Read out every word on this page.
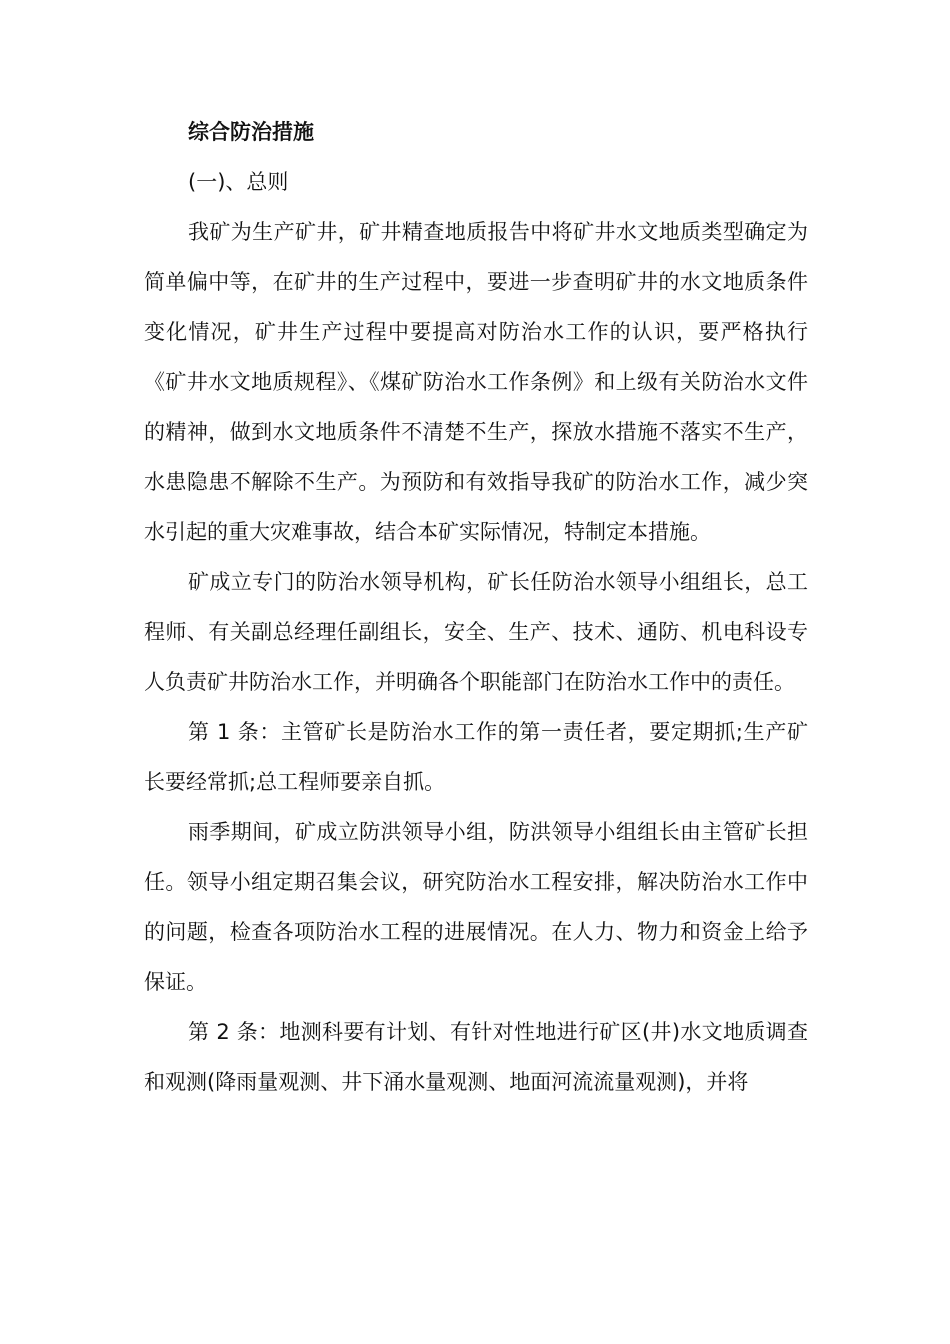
综合防治措施

(一)、总则

我矿为生产矿井，矿井精查地质报告中将矿井水文地质类型确定为简单偏中等，在矿井的生产过程中，要进一步查明矿井的水文地质条件变化情况，矿井生产过程中要提高对防治水工作的认识，要严格执行《矿井水文地质规程》、《煤矿防治水工作条例》和上级有关防治水文件的精神，做到水文地质条件不清楚不生产，探放水措施不落实不生产，水患隐患不解除不生产。为预防和有效指导我矿的防治水工作，减少突水引起的重大灾难事故，结合本矿实际情况，特制定本措施。

矿成立专门的防治水领导机构，矿长任防治水领导小组组长，总工程师、有关副总经理任副组长，安全、生产、技术、通防、机电科设专人负责矿井防治水工作，并明确各个职能部门在防治水工作中的责任。

第 1 条：主管矿长是防治水工作的第一责任者，要定期抓;生产矿长要经常抓;总工程师要亲自抓。

雨季期间，矿成立防洪领导小组，防洪领导小组组长由主管矿长担任。领导小组定期召集会议，研究防治水工程安排，解决防治水工作中的问题，检查各项防治水工程的进展情况。在人力、物力和资金上给予保证。

第 2 条：地测科要有计划、有针对性地进行矿区(井)水文地质调查和观测(降雨量观测、井下涌水量观测、地面河流流量观测)，并将
